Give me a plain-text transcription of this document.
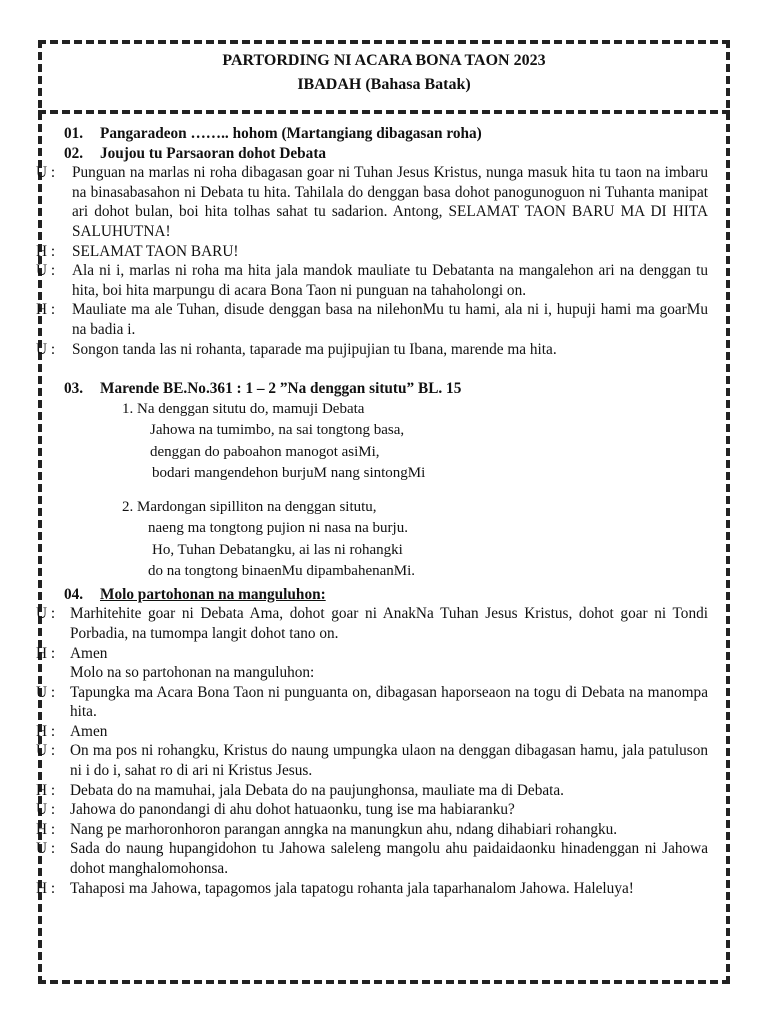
PARTORDING NI ACARA BONA TAON 2023
IBADAH (Bahasa Batak)
01.	Pangaradeon …….. hohom (Martangiang dibagasan roha)
02.	Joujou tu Parsaoran dohot Debata
U :	Punguan na marlas ni roha dibagasan goar ni Tuhan Jesus Kristus, nunga masuk hita tu taon na imbaru na binasabasahon ni Debata tu hita. Tahilala do denggan basa dohot panogunoguon ni Tuhanta manipat ari dohot bulan, boi hita tolhas sahat tu sadarion. Antong, SELAMAT TAON BARU MA DI HITA SALUHUTNA!
H :	SELAMAT TAON BARU!
U :	Ala ni i, marlas ni roha ma hita jala mandok mauliate tu Debatanta na mangalehon ari na denggan tu hita, boi hita marpungu di acara Bona Taon ni punguan na tahaholongi on.
H :	Mauliate ma ale Tuhan, disude denggan basa na nilehonMu tu hami, ala ni i, hupuji hami ma goarMu na badia i.
U :	Songon tanda las ni rohanta, taparade ma pujipujian tu Ibana, marende ma hita.
03.	Marende BE.No.361 : 1 – 2 ”Na denggan situtu” BL. 15
1. Na denggan situtu do, mamuji Debata
Jahowa na tumimbo, na sai tongtong basa,
denggan do paboahon manogot asiMi,
bodari mangendehon burjuM nang sintongMi
2. Mardongan sipilliton na denggan situtu,
naeng ma tongtong pujion ni nasa na burju.
Ho, Tuhan Debatangku, ai las ni rohangki
do na tongtong binaenMu dipambahenanMi.
04.	Molo partohonan na manguluhon:
U : Marhitehite goar ni Debata Ama, dohot goar ni AnakNa Tuhan Jesus Kristus, dohot goar ni Tondi Porbadia, na tumompa langit dohot tano on.
H : Amen
Molo na so partohonan na manguluhon:
U : Tapungka ma Acara Bona Taon ni punguanta on, dibagasan haporseaon na togu di Debata na manompa hita.
H : Amen
U : On ma pos ni rohangku, Kristus do naung umpungka ulaon na denggan dibagasan hamu, jala patuluson ni i do i, sahat ro di ari ni Kristus Jesus.
H : Debata do na mamuhai, jala Debata do na paujunghonsa, mauliate ma di Debata.
U : Jahowa do panondangi di ahu dohot hatuaonku, tung ise ma habiaranku?
H : Nang pe marhoronhoron parangan anngka na manungkun ahu, ndang dihabiari rohangku.
U : Sada do naung hupangidohon tu Jahowa saleleng mangolu ahu paidaidaonku hinadenggan ni Jahowa dohot manghalomohonsa.
H : Tahaposi ma Jahowa, tapagomos jala tapatogu rohanta jala taparhanalom Jahowa. Haleluya!
